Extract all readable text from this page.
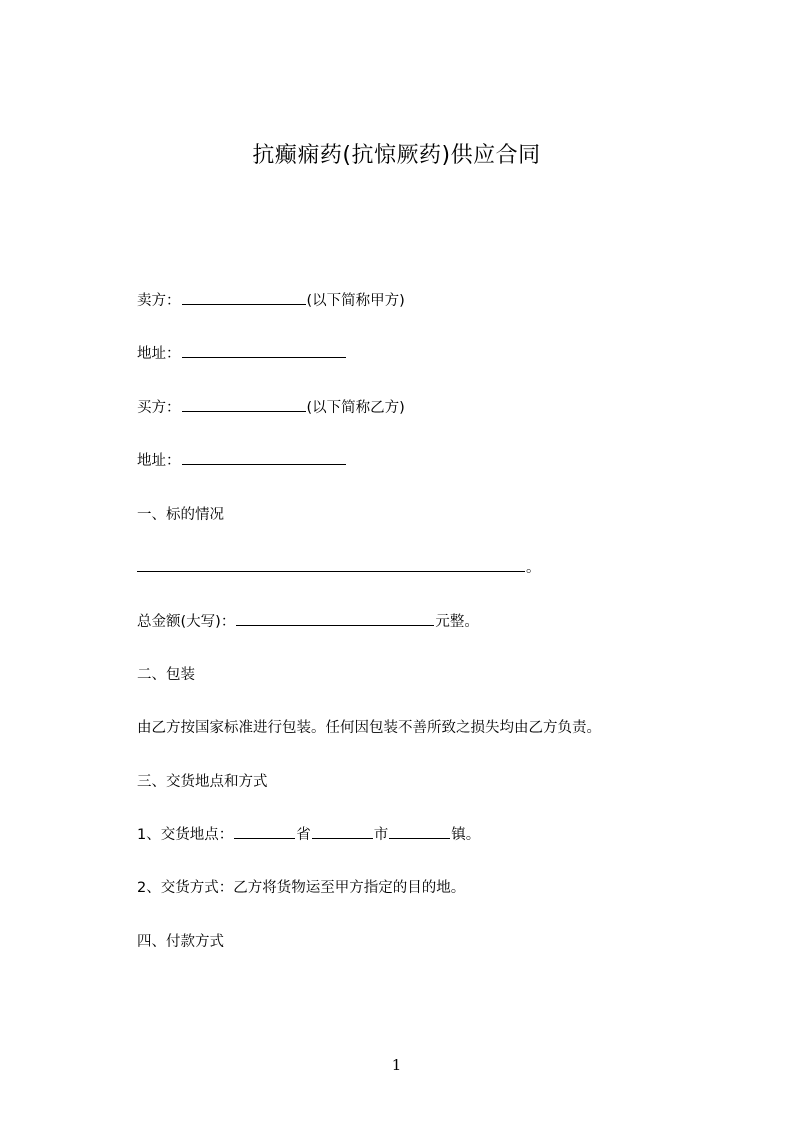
抗癫痫药(抗惊厥药)供应合同
卖方：	(以下简称甲方)
地址：
买方：	(以下简称乙方)
地址：
一、标的情况
。
总金额(大写)：	元整。
二、包装
由乙方按国家标准进行包装。任何因包装不善所致之损失均由乙方负责。
三、交货地点和方式
1、交货地点：	省	市	镇。
2、交货方式：乙方将货物运至甲方指定的目的地。
四、付款方式
1
